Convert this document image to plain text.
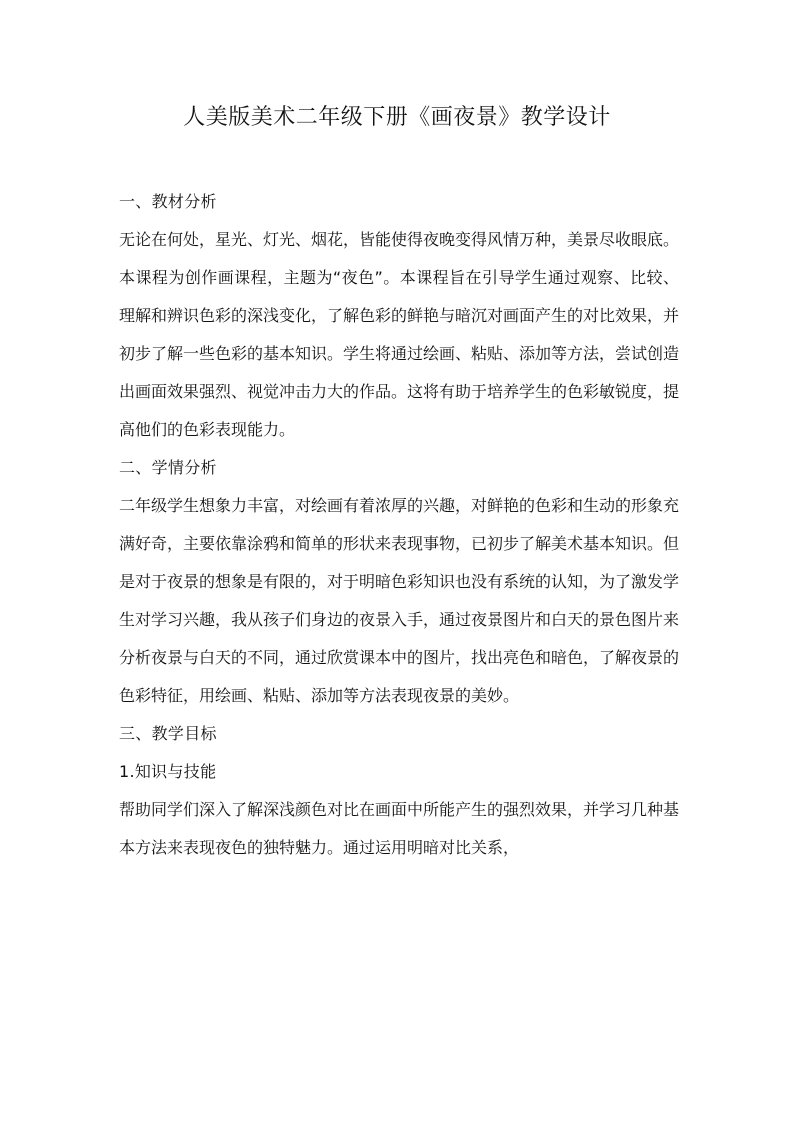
人美版美术二年级下册《画夜景》教学设计

一、教材分析

无论在何处，星光、灯光、烟花，皆能使得夜晚变得风情万种，美景尽收眼底。本课程为创作画课程，主题为“夜色”。本课程旨在引导学生通过观察、比较、理解和辨识色彩的深浅变化，了解色彩的鲜艳与暗沉对画面产生的对比效果，并初步了解一些色彩的基本知识。学生将通过绘画、粘贴、添加等方法，尝试创造出画面效果强烈、视觉冲击力大的作品。这将有助于培养学生的色彩敏锐度，提高他们的色彩表现能力。

二、学情分析

二年级学生想象力丰富，对绘画有着浓厚的兴趣，对鲜艳的色彩和生动的形象充满好奇，主要依靠涂鸦和简单的形状来表现事物，已初步了解美术基本知识。但是对于夜景的想象是有限的，对于明暗色彩知识也没有系统的认知，为了激发学生对学习兴趣，我从孩子们身边的夜景入手，通过夜景图片和白天的景色图片来分析夜景与白天的不同，通过欣赏课本中的图片，找出亮色和暗色，了解夜景的色彩特征，用绘画、粘贴、添加等方法表现夜景的美妙。

三、教学目标

1.知识与技能

帮助同学们深入了解深浅颜色对比在画面中所能产生的强烈效果，并学习几种基本方法来表现夜色的独特魅力。通过运用明暗对比关系，
